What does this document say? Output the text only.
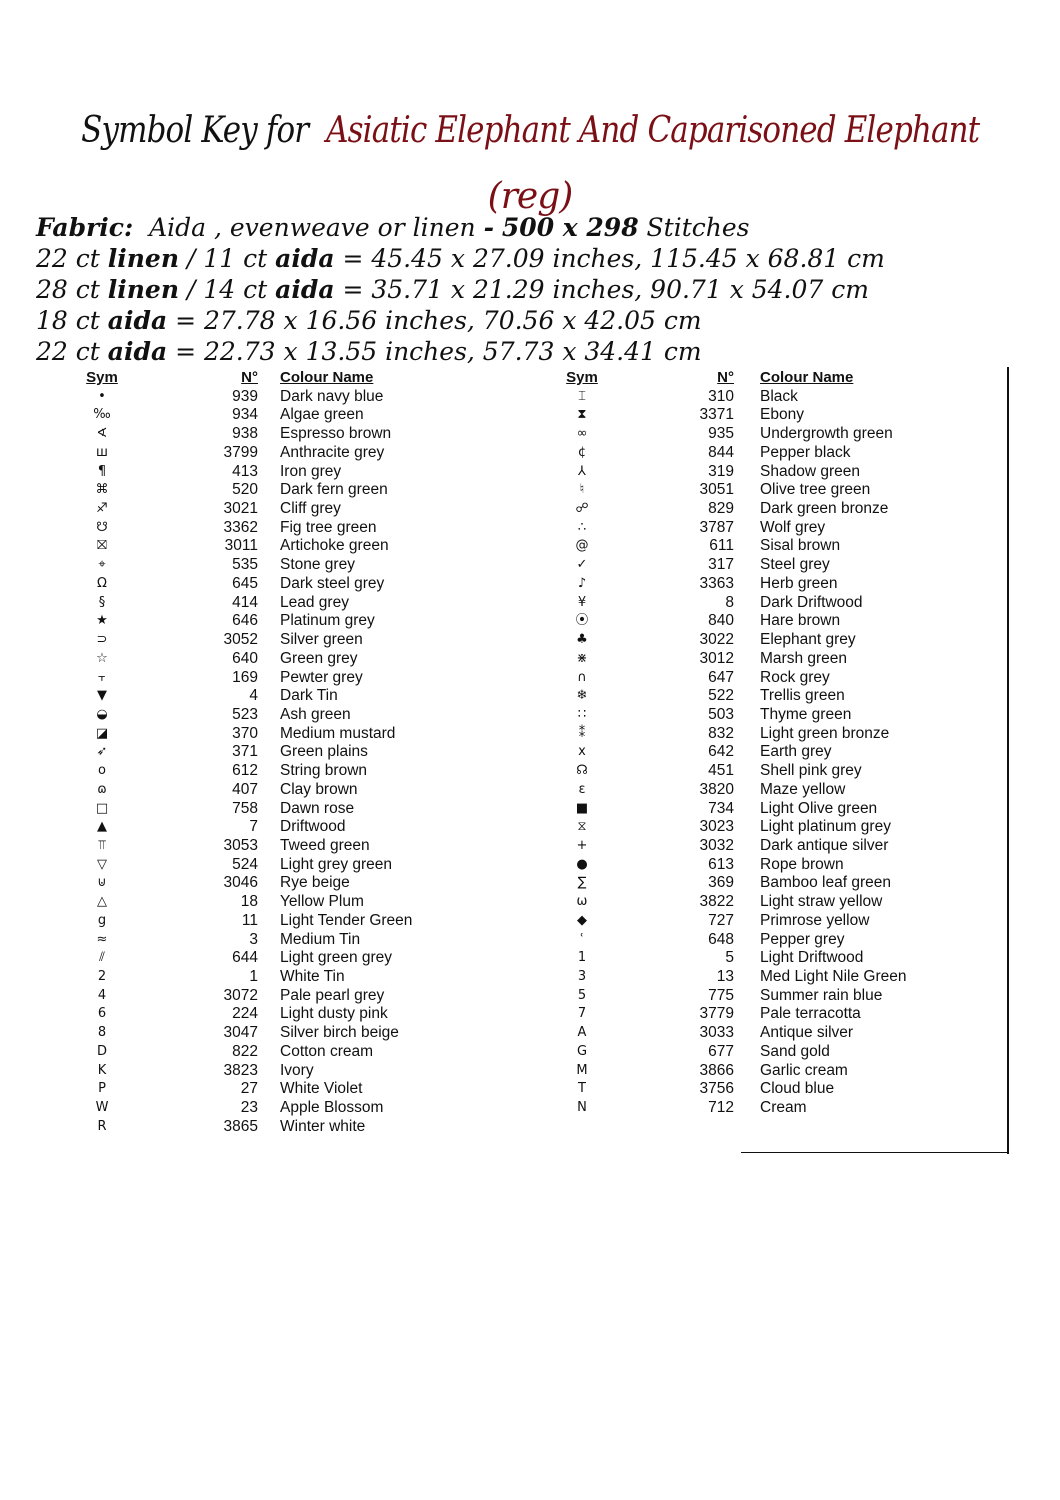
Symbol Key for Asiatic Elephant And Caparisoned Elephant
(reg)
Fabric: Aida , evenweave or linen - 500 x 298 Stitches
22 ct linen / 11 ct aida = 45.45 x 27.09 inches, 115.45 x 68.81 cm
28 ct linen / 14 ct aida = 35.71 x 21.29 inches, 90.71 x 54.07 cm
18 ct aida = 27.78 x 16.56 inches, 70.56 x 42.05 cm
22 ct aida = 22.73 x 13.55 inches, 57.73 x 34.41 cm
Sym	N° Colour Name
•	939 Dark navy blue
‰	934 Algae green
∢	938 Espresso brown
ш	3799 Anthracite grey
¶	413 Iron grey
⌘	520 Dark fern green
♐	3021 Cliff grey
☋	3362 Fig tree green
⛝	3011 Artichoke green
⌖	535 Stone grey
Ω	645 Dark steel grey
§	414 Lead grey
★	646 Platinum grey
⊃	3052 Silver green
☆	640 Green grey
⫟	169 Pewter grey
▼	4 Dark Tin
◒	523 Ash green
◪	370 Medium mustard
➶	371 Green plains
o	612 String brown
ɷ	407 Clay brown
□	758 Dawn rose
▲	7 Driftwood
⫪	3053 Tweed green
▽	524 Light grey green
⊍	3046 Rye beige
△	18 Yellow Plum
g	11 Light Tender Green
≈	3 Medium Tin
⫽	644 Light green grey
2	1 White Tin
4	3072 Pale pearl grey
6	224 Light dusty pink
8	3047 Silver birch beige
D	822 Cotton cream
K	3823 Ivory
P	27 White Violet
W	23 Apple Blossom
R	3865 Winter white
Sym	N° Colour Name
⌶	310 Black
⧗	3371 Ebony
∞	935 Undergrowth green
¢	844 Pepper black
⅄	319 Shadow green
♮	3051 Olive tree green
☍	829 Dark green bronze
∴	3787 Wolf grey
@	611 Sisal brown
✓	317 Steel grey
♪	3363 Herb green
¥	8 Dark Driftwood
⦿	840 Hare brown
♣	3022 Elephant grey
⋇	3012 Marsh green
∩	647 Rock grey
❄	522 Trellis green
∷	503 Thyme green
⁑	832 Light green bronze
x	642 Earth grey
☊	451 Shell pink grey
ɛ	3820 Maze yellow
■	734 Light Olive green
⧖	3023 Light platinum grey
+	3032 Dark antique silver
●	613 Rope brown
∑	369 Bamboo leaf green
ω	3822 Light straw yellow
◆	727 Primrose yellow
ʿ	648 Pepper grey
1	5 Light Driftwood
3	13 Med Light Nile Green
5	775 Summer rain blue
7	3779 Pale terracotta
A	3033 Antique silver
G	677 Sand gold
M	3866 Garlic cream
T	3756 Cloud blue
N	712 Cream
